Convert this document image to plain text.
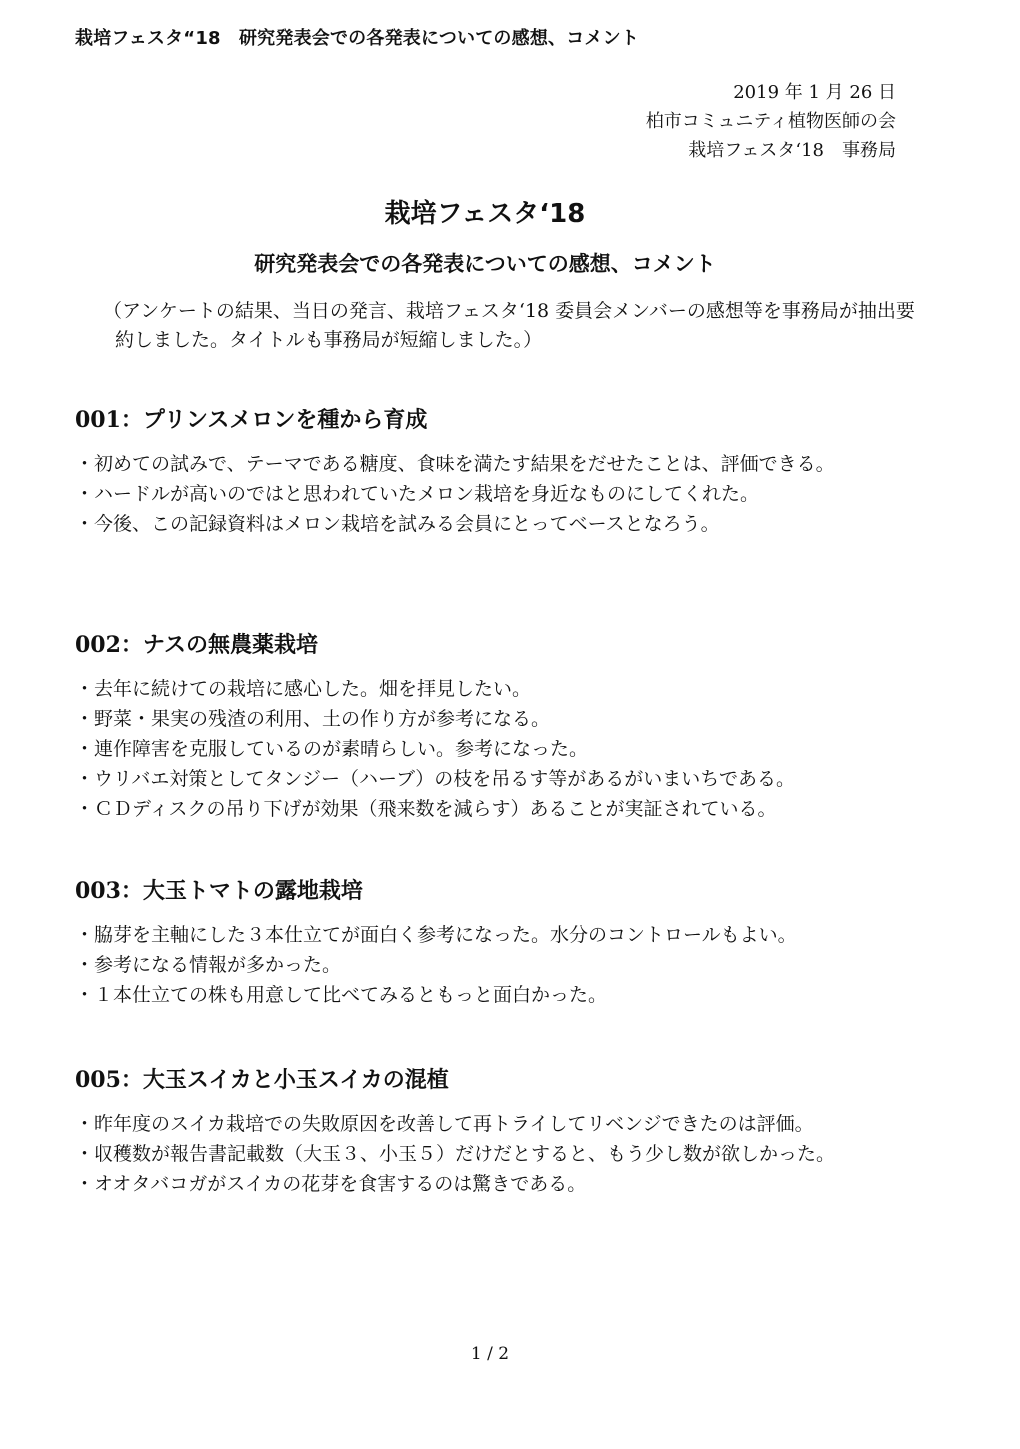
栽培フェスタ“18　研究発表会での各発表についての感想、コメント
2019 年 1 月 26 日
柏市コミュニティ植物医師の会
栽培フェスタ‘18　事務局
栽培フェスタ‘18
研究発表会での各発表についての感想、コメント
（アンケートの結果、当日の発言、栽培フェスタ‘18 委員会メンバーの感想等を事務局が抽出要約しました。タイトルも事務局が短縮しました。）
001：プリンスメロンを種から育成
・初めての試みで、テーマである糖度、食味を満たす結果をだせたことは、評価できる。
・ハードルが高いのではと思われていたメロン栽培を身近なものにしてくれた。
・今後、この記録資料はメロン栽培を試みる会員にとってベースとなろう。
002：ナスの無農薬栽培
・去年に続けての栽培に感心した。畑を拝見したい。
・野菜・果実の残渣の利用、土の作り方が参考になる。
・連作障害を克服しているのが素晴らしい。参考になった。
・ウリバエ対策としてタンジー（ハーブ）の枝を吊るす等があるがいまいちである。
・ＣＤディスクの吊り下げが効果（飛来数を減らす）あることが実証されている。
003：大玉トマトの露地栽培
・脇芽を主軸にした３本仕立てが面白く参考になった。水分のコントロールもよい。
・参考になる情報が多かった。
・１本仕立ての株も用意して比べてみるともっと面白かった。
005：大玉スイカと小玉スイカの混植
・昨年度のスイカ栽培での失敗原因を改善して再トライしてリベンジできたのは評価。
・収穫数が報告書記載数（大玉３、小玉５）だけだとすると、もう少し数が欲しかった。
・オオタバコガがスイカの花芽を食害するのは驚きである。
1 / 2
